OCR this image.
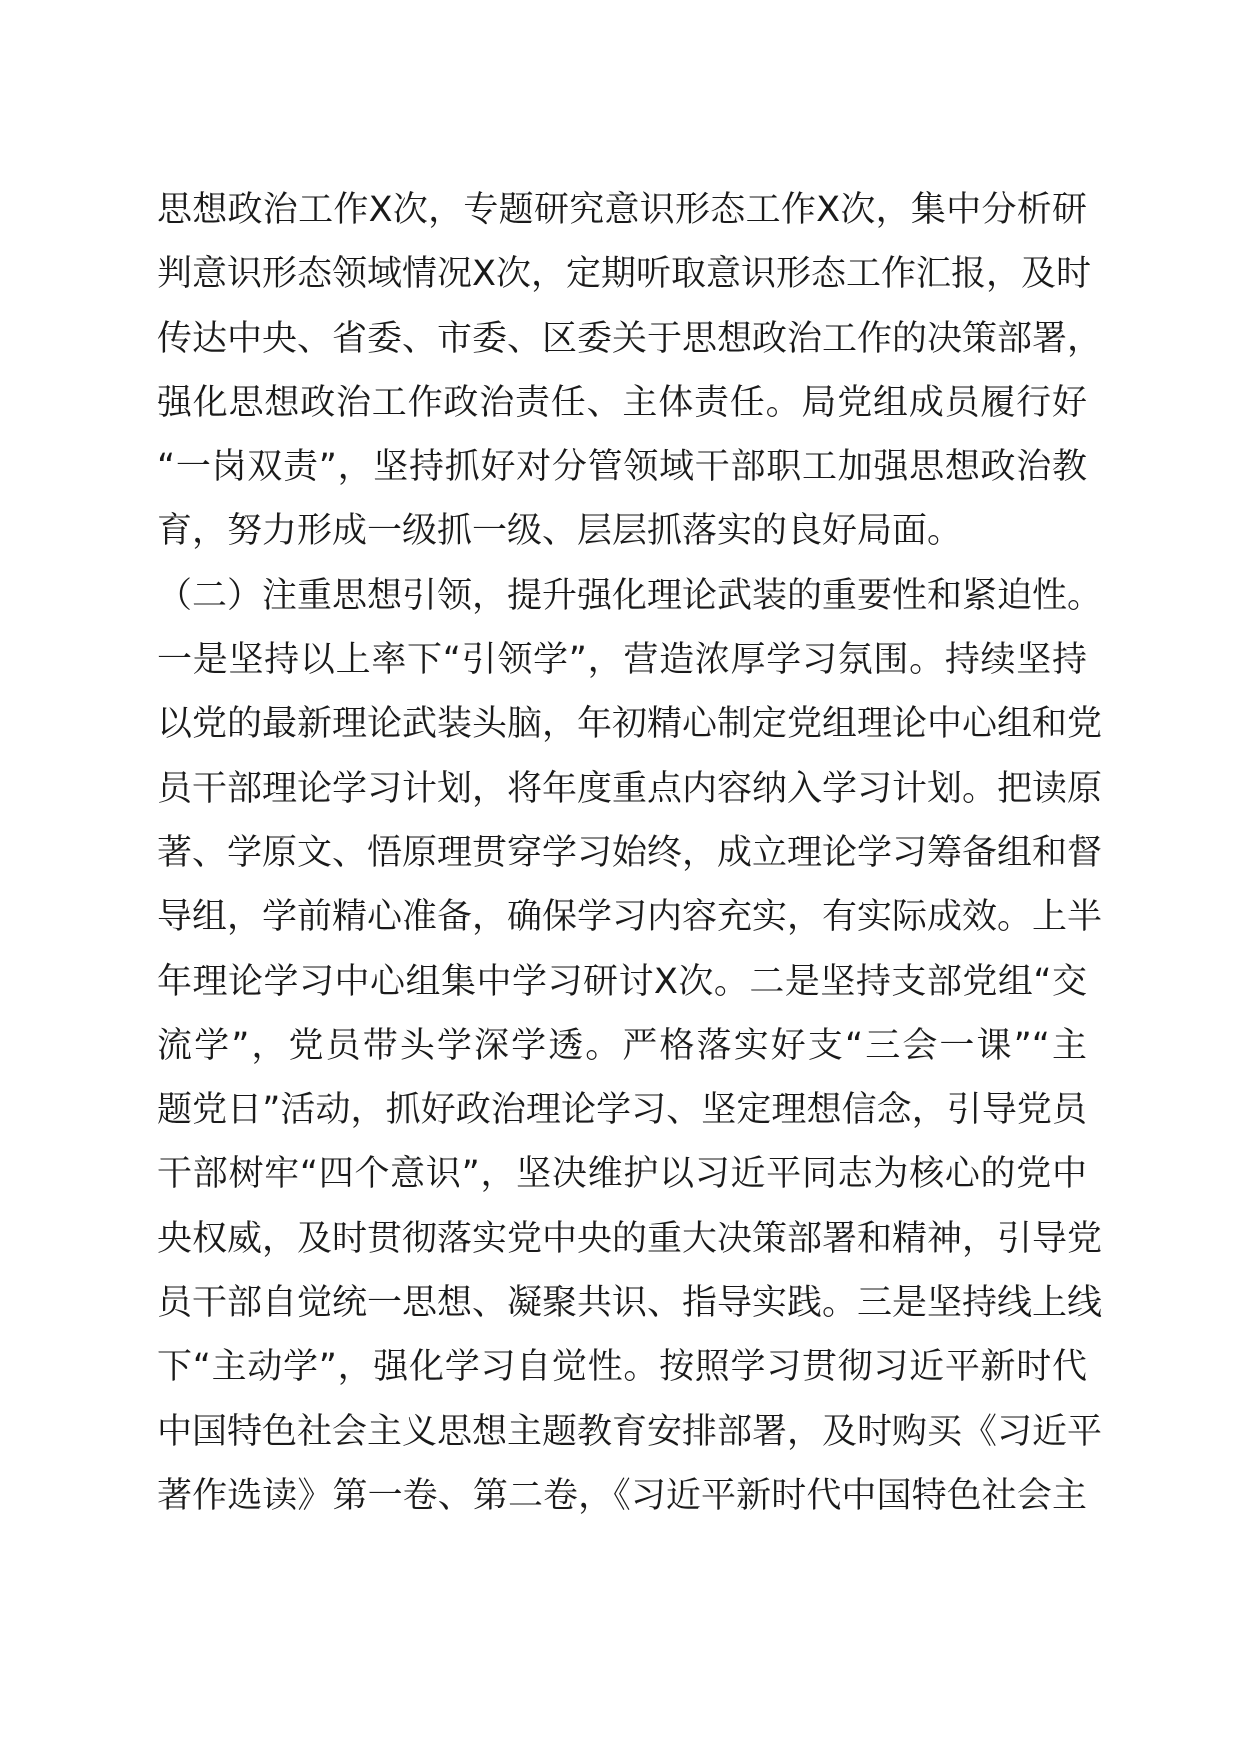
思想政治工作X次，专题研究意识形态工作X次，集中分析研
判意识形态领域情况X次，定期听取意识形态工作汇报，及时
传达中央、省委、市委、区委关于思想政治工作的决策部署，
强化思想政治工作政治责任、主体责任。局党组成员履行好
“一岗双责”，坚持抓好对分管领域干部职工加强思想政治教
育，努力形成一级抓一级、层层抓落实的良好局面。
（二）注重思想引领，提升强化理论武装的重要性和紧迫性。
一是坚持以上率下“引领学”，营造浓厚学习氛围。持续坚持
以党的最新理论武装头脑，年初精心制定党组理论中心组和党
员干部理论学习计划，将年度重点内容纳入学习计划。把读原
著、学原文、悟原理贯穿学习始终，成立理论学习筹备组和督
导组，学前精心准备，确保学习内容充实，有实际成效。上半
年理论学习中心组集中学习研讨X次。二是坚持支部党组“交
流学”，党员带头学深学透。严格落实好支“三会一课”“主
题党日”活动，抓好政治理论学习、坚定理想信念，引导党员
干部树牢“四个意识”，坚决维护以习近平同志为核心的党中
央权威，及时贯彻落实党中央的重大决策部署和精神，引导党
员干部自觉统一思想、凝聚共识、指导实践。三是坚持线上线
下“主动学”，强化学习自觉性。按照学习贯彻习近平新时代
中国特色社会主义思想主题教育安排部署，及时购买《习近平
著作选读》第一卷、第二卷，《习近平新时代中国特色社会主
